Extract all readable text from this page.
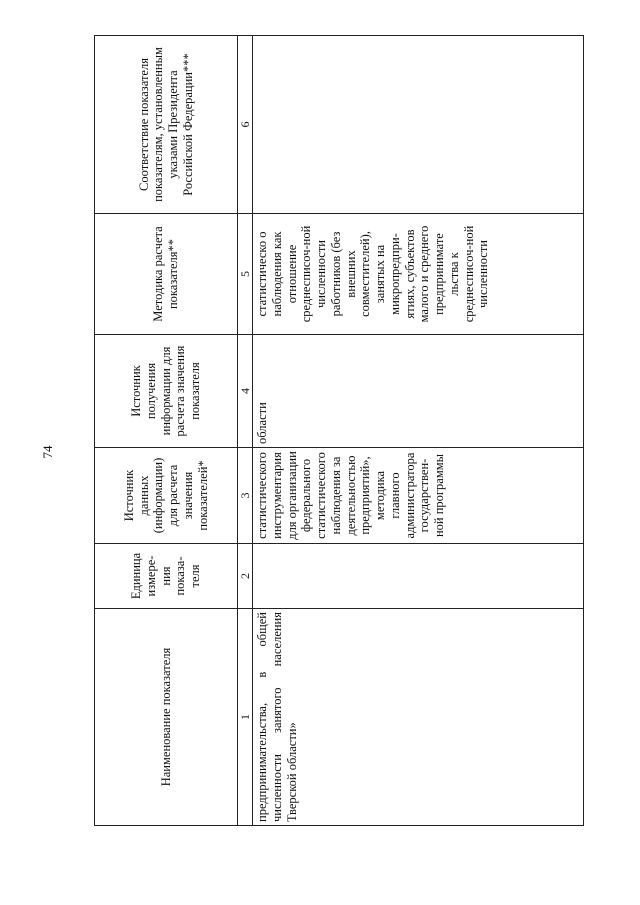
74
Наименование показателя	Единица измере-ния показа-теля	Источник данных (информации) для расчета значения показателей*	Источник получения информации для расчета значения показателя	Методика расчета показателя**	Соответствие показателя показателям, установленным указами Президента Российской Федерации***
1	2	3	4	5	6
предпринимательства, в общей численности занятого населения Тверской области»		статистического инструментария для организации федерального статистического наблюдения за деятельностью предприятий», методика главного администратора государствен-ной программы	области	статистическо о наблюдения как отношение среднесписоч-ной численности работников (без внешних совместителей), занятых на микропредпри-ятиях, субъектов малого и среднего предпринимате льства к среднесписоч-ной численности	
